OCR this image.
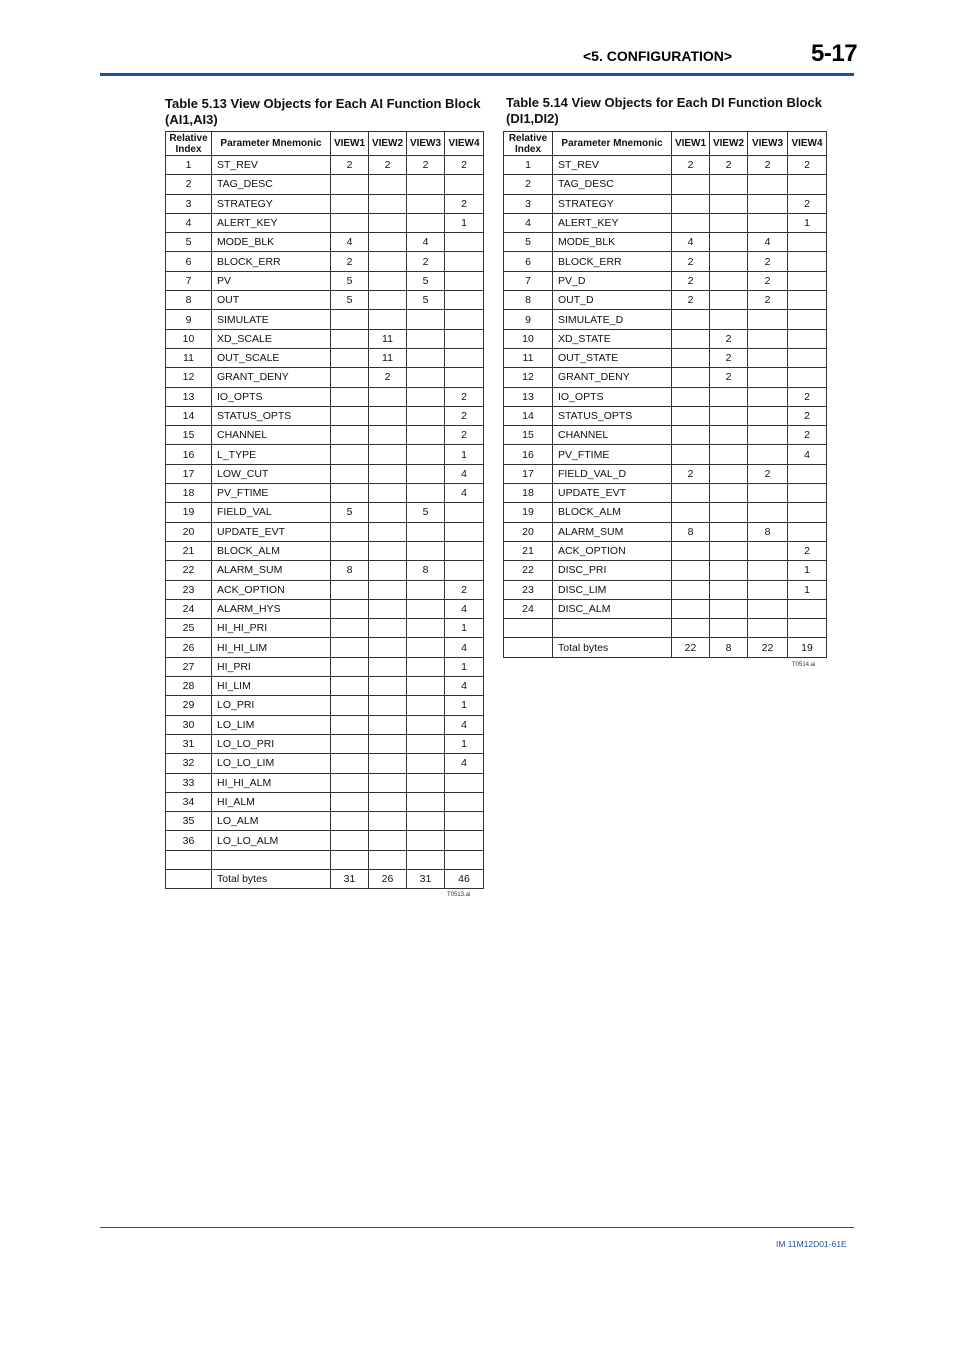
<5. CONFIGURATION>	5-17
Table 5.13 View Objects for Each AI Function Block (AI1,AI3)
Relative Index	Parameter Mnemonic	VIEW1	VIEW2	VIEW3	VIEW4
1	ST_REV	2	2	2	2
2	TAG_DESC				
3	STRATEGY				2
4	ALERT_KEY				1
5	MODE_BLK	4		4	
6	BLOCK_ERR	2		2	
7	PV	5		5	
8	OUT	5		5	
9	SIMULATE				
10	XD_SCALE		11		
11	OUT_SCALE		11		
12	GRANT_DENY		2		
13	IO_OPTS				2
14	STATUS_OPTS				2
15	CHANNEL				2
16	L_TYPE				1
17	LOW_CUT				4
18	PV_FTIME				4
19	FIELD_VAL	5		5	
20	UPDATE_EVT				
21	BLOCK_ALM				
22	ALARM_SUM	8		8	
23	ACK_OPTION				2
24	ALARM_HYS				4
25	HI_HI_PRI				1
26	HI_HI_LIM				4
27	HI_PRI				1
28	HI_LIM				4
29	LO_PRI				1
30	LO_LIM				4
31	LO_LO_PRI				1
32	LO_LO_LIM				4
33	HI_HI_ALM				
34	HI_ALM				
35	LO_ALM				
36	LO_LO_ALM				

	Total bytes	31	26	31	46
T0513.ai
Table 5.14 View Objects for Each DI Function Block (DI1,DI2)
Relative Index	Parameter Mnemonic	VIEW1	VIEW2	VIEW3	VIEW4
1	ST_REV	2	2	2	2
2	TAG_DESC				
3	STRATEGY				2
4	ALERT_KEY				1
5	MODE_BLK	4		4	
6	BLOCK_ERR	2		2	
7	PV_D	2		2	
8	OUT_D	2		2	
9	SIMULATE_D				
10	XD_STATE		2		
11	OUT_STATE		2		
12	GRANT_DENY		2		
13	IO_OPTS				2
14	STATUS_OPTS				2
15	CHANNEL				2
16	PV_FTIME				4
17	FIELD_VAL_D	2		2	
18	UPDATE_EVT				
19	BLOCK_ALM				
20	ALARM_SUM	8		8	
21	ACK_OPTION				2
22	DISC_PRI				1
23	DISC_LIM				1
24	DISC_ALM				

	Total bytes	22	8	22	19
T0514.ai
IM 11M12D01-61E
